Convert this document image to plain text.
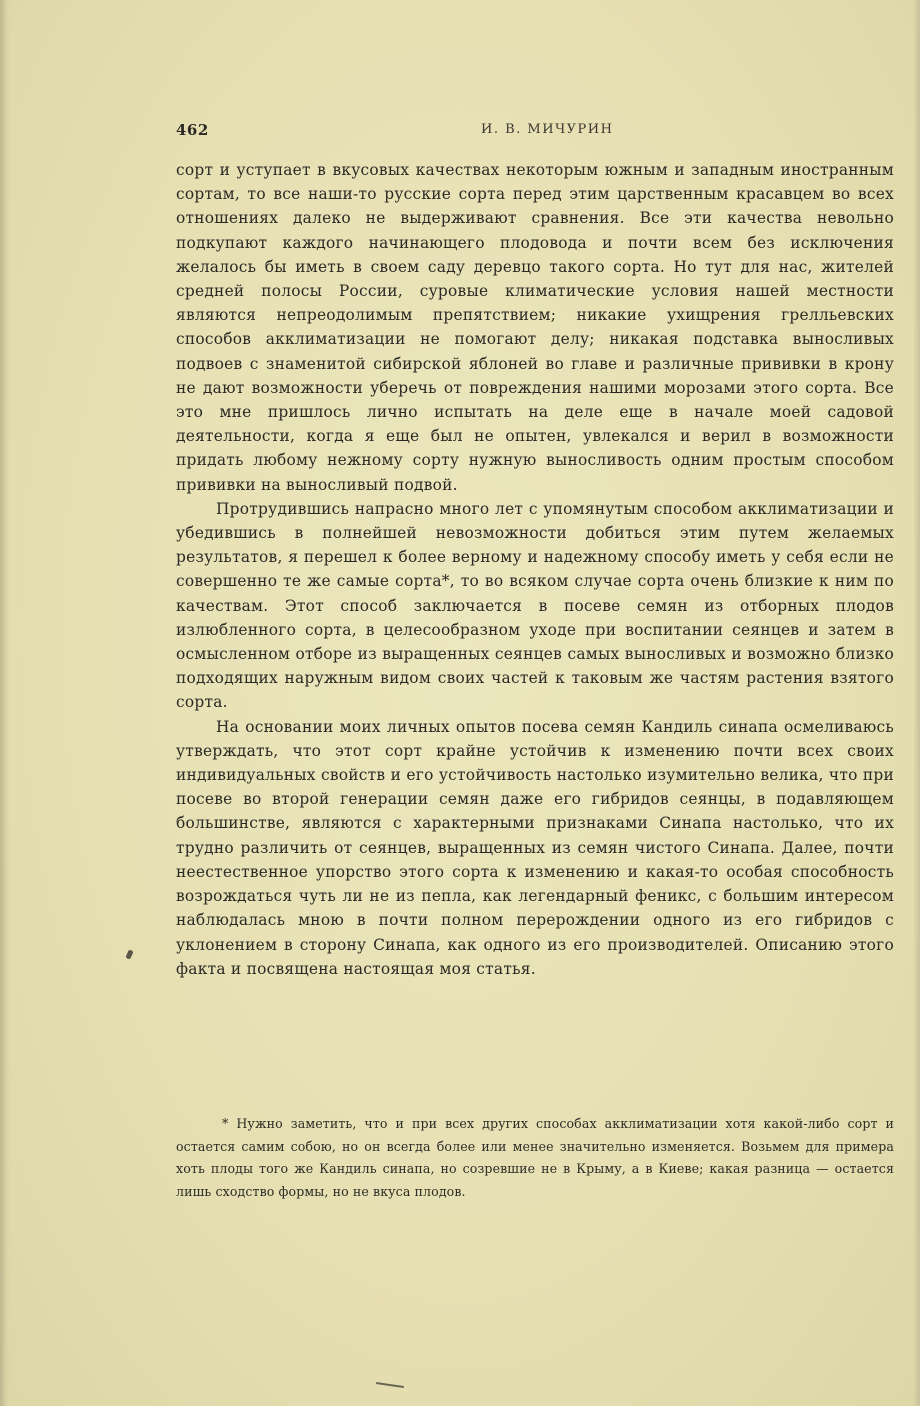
462	И. В. МИЧУРИН

сорт и уступает в вкусовых качествах некоторым южным и западным иностранным сортам, то все наши-то русские сорта перед этим царственным красавцем во всех отношениях далеко не выдерживают сравнения. Все эти качества невольно подкупают каждого начинающего плодовода и почти всем без исключения желалось бы иметь в своем саду деревцо такого сорта. Но тут для нас, жителей средней полосы России, суровые климатические условия нашей местности являются непреодолимым препятствием; никакие ухищрения грелльевских способов акклиматизации не помогают делу; никакая подставка выносливых подвоев с знаменитой сибирской яблоней во главе и различные прививки в крону не дают возможности уберечь от повреждения нашими морозами этого сорта. Все это мне пришлось лично испытать на деле еще в начале моей садовой деятельности, когда я еще был не опытен, увлекался и верил в возможности придать любому нежному сорту нужную выносливость одним простым способом прививки на выносливый подвой.

Протрудившись напрасно много лет с упомянутым способом акклиматизации и убедившись в полнейшей невозможности добиться этим путем желаемых результатов, я перешел к более верному и надежному способу иметь у себя если не совершенно те же самые сорта*, то во всяком случае сорта очень близкие к ним по качествам. Этот способ заключается в посеве семян из отборных плодов излюбленного сорта, в целесообразном уходе при воспитании сеянцев и затем в осмысленном отборе из выращенных сеянцев самых выносливых и возможно близко подходящих наружным видом своих частей к таковым же частям растения взятого сорта.

На основании моих личных опытов посева семян Кандиль синапа осмеливаюсь утверждать, что этот сорт крайне устойчив к изменению почти всех своих индивидуальных свойств и его устойчивость настолько изумительно велика, что при посеве во второй генерации семян даже его гибридов сеянцы, в подавляющем большинстве, являются с характерными признаками Синапа настолько, что их трудно различить от сеянцев, выращенных из семян чистого Синапа. Далее, почти неестественное упорство этого сорта к изменению и какая-то особая способность возрождаться чуть ли не из пепла, как легендарный феникс, с большим интересом наблюдалась мною в почти полном перерождении одного из его гибридов с уклонением в сторону Синапа, как одного из его производителей. Описанию этого факта и посвящена настоящая моя статья.

* Нужно заметить, что и при всех других способах акклиматизации хотя какой-либо сорт и остается самим собою, но он всегда более или менее значительно изменяется. Возьмем для примера хоть плоды того же Кандиль синапа, но созревшие не в Крыму, а в Киеве; какая разница — остается лишь сходство формы, но не вкуса плодов.
